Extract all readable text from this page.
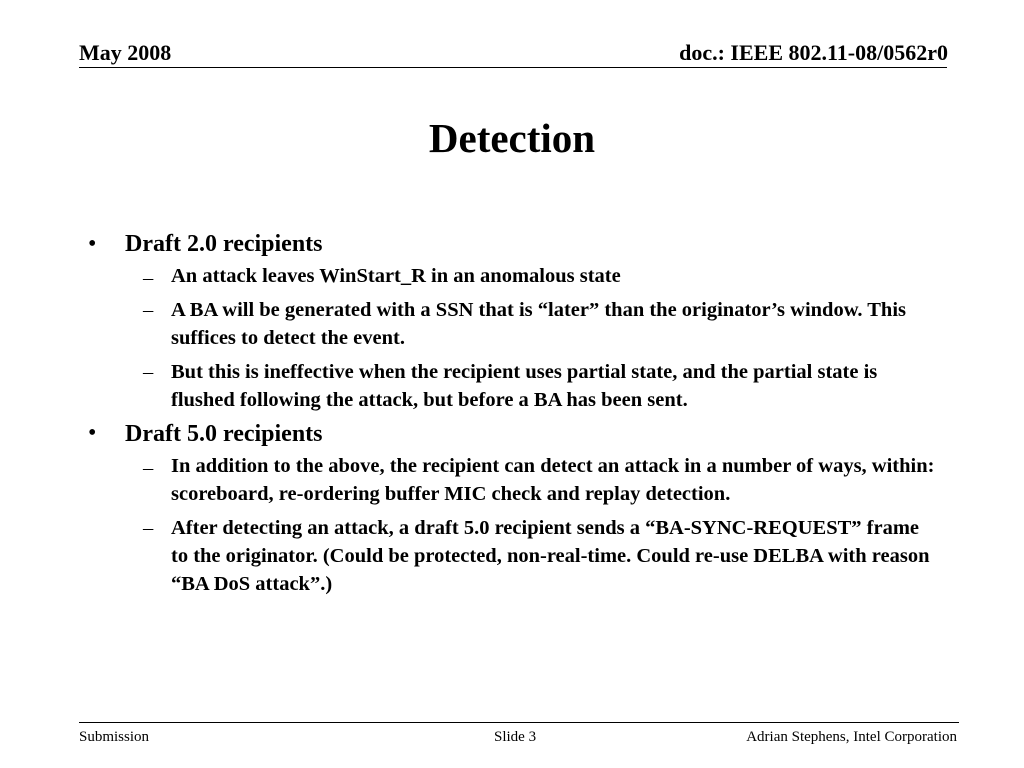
May 2008	doc.: IEEE 802.11-08/0562r0
Detection
• Draft 2.0 recipients
– An attack leaves WinStart_R in an anomalous state
– A BA will be generated with a SSN that is “later” than the originator’s window. This suffices to detect the event.
– But this is ineffective when the recipient uses partial state, and the partial state is flushed following the attack, but before a BA has been sent.
• Draft 5.0 recipients
– In addition to the above, the recipient can detect an attack in a number of ways, within: scoreboard, re-ordering buffer MIC check and replay detection.
– After detecting an attack, a draft 5.0 recipient sends a “BA-SYNC-REQUEST” frame to the originator. (Could be protected, non-real-time. Could re-use DELBA with reason “BA DoS attack”.)
Submission	Slide 3	Adrian Stephens, Intel Corporation
